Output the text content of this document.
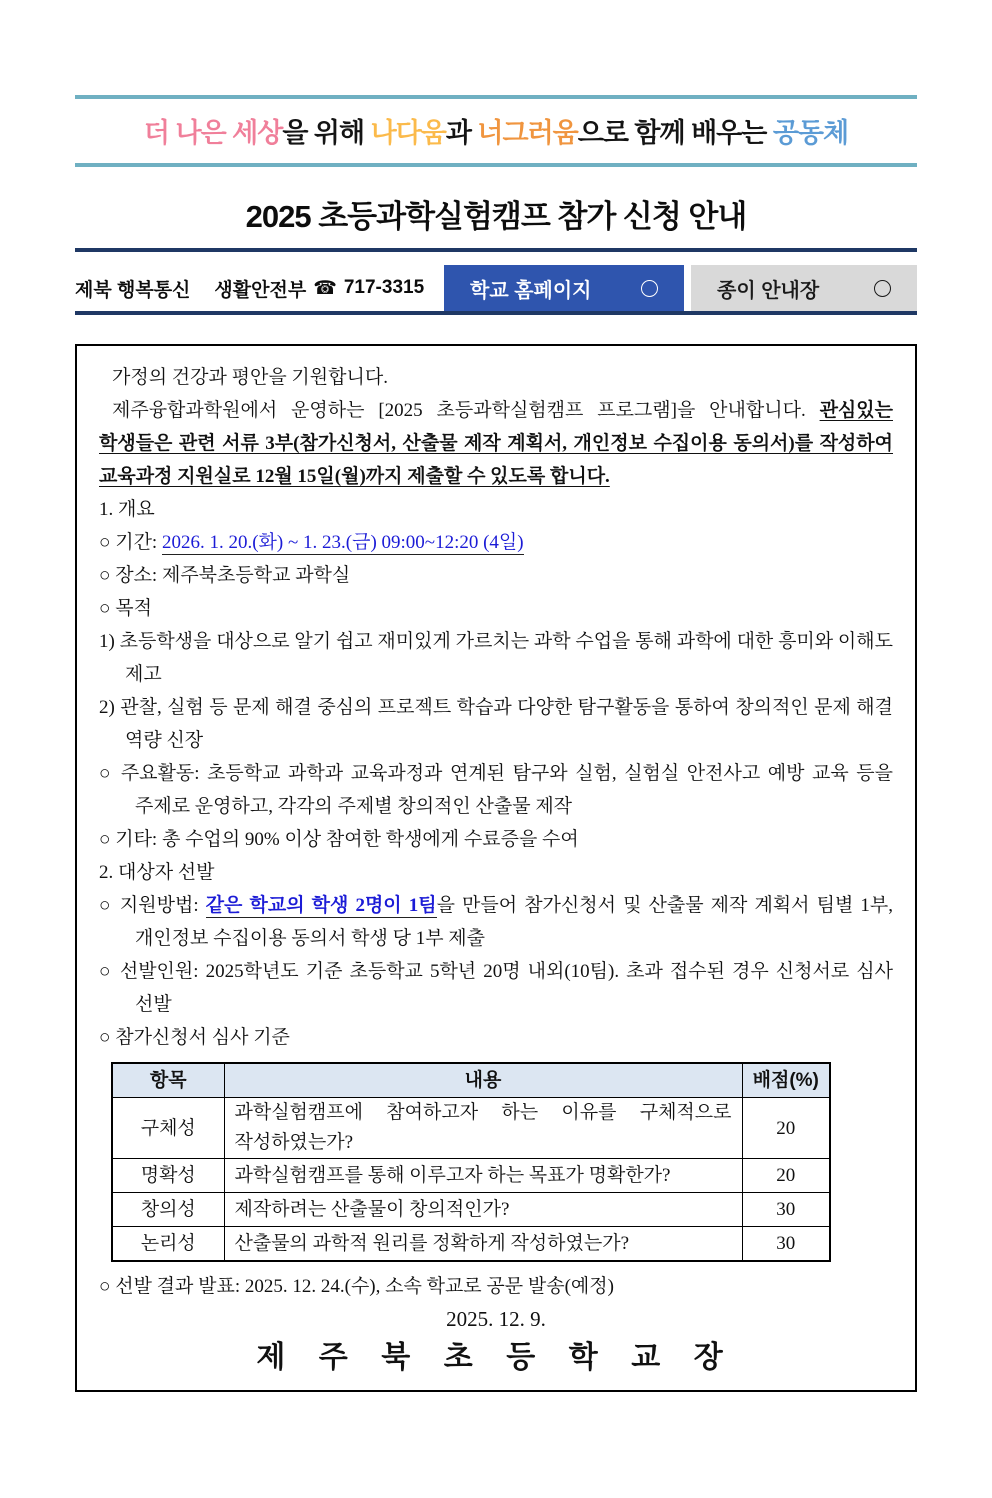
더 나은 세상을 위해 나다움과 너그러움으로 함께 배우는 공동체
2025 초등과학실험캠프 참가 신청 안내
제북 행복통신 생활안전부 ☎ 717-3315 학교 홈페이지	종이 안내장

가정의 건강과 평안을 기원합니다.

제주융합과학원에서 운영하는 [2025 초등과학실험캠프 프로그램]을 안내합니다. 관심있는 학생들은 관련 서류 3부(참가신청서, 산출물 제작 계획서, 개인정보 수집이용 동의서)를 작성하여 교육과정 지원실로 12월 15일(월)까지 제출할 수 있도록 합니다.

1. 개요

○ 기간: 2026. 1. 20.(화) ~ 1. 23.(금) 09:00~12:20 (4일)

○ 장소: 제주북초등학교 과학실

○ 목적

1) 초등학생을 대상으로 알기 쉽고 재미있게 가르치는 과학 수업을 통해 과학에 대한 흥미와 이해도 제고

2) 관찰, 실험 등 문제 해결 중심의 프로젝트 학습과 다양한 탐구활동을 통하여 창의적인 문제 해결 역량 신장

○ 주요활동: 초등학교 과학과 교육과정과 연계된 탐구와 실험, 실험실 안전사고 예방 교육 등을 주제로 운영하고, 각각의 주제별 창의적인 산출물 제작

○ 기타: 총 수업의 90% 이상 참여한 학생에게 수료증을 수여

2. 대상자 선발

○ 지원방법: 같은 학교의 학생 2명이 1팀을 만들어 참가신청서 및 산출물 제작 계획서 팀별 1부, 개인정보 수집이용 동의서 학생 당 1부 제출

○ 선발인원: 2025학년도 기준 초등학교 5학년 20명 내외(10팀). 초과 접수된 경우 신청서로 심사 선발

○ 참가신청서 심사 기준

항목	내용	배점(%)
구체성	과학실험캠프에 참여하고자 하는 이유를 구체적으로 작성하였는가?	20
명확성	과학실험캠프를 통해 이루고자 하는 목표가 명확한가?	20
창의성	제작하려는 산출물이 창의적인가?	30
논리성	산출물의 과학적 원리를 정확하게 작성하였는가?	30

○ 선발 결과 발표: 2025. 12. 24.(수), 소속 학교로 공문 발송(예정)

2025. 12. 9.

제 주 북 초 등 학 교 장
